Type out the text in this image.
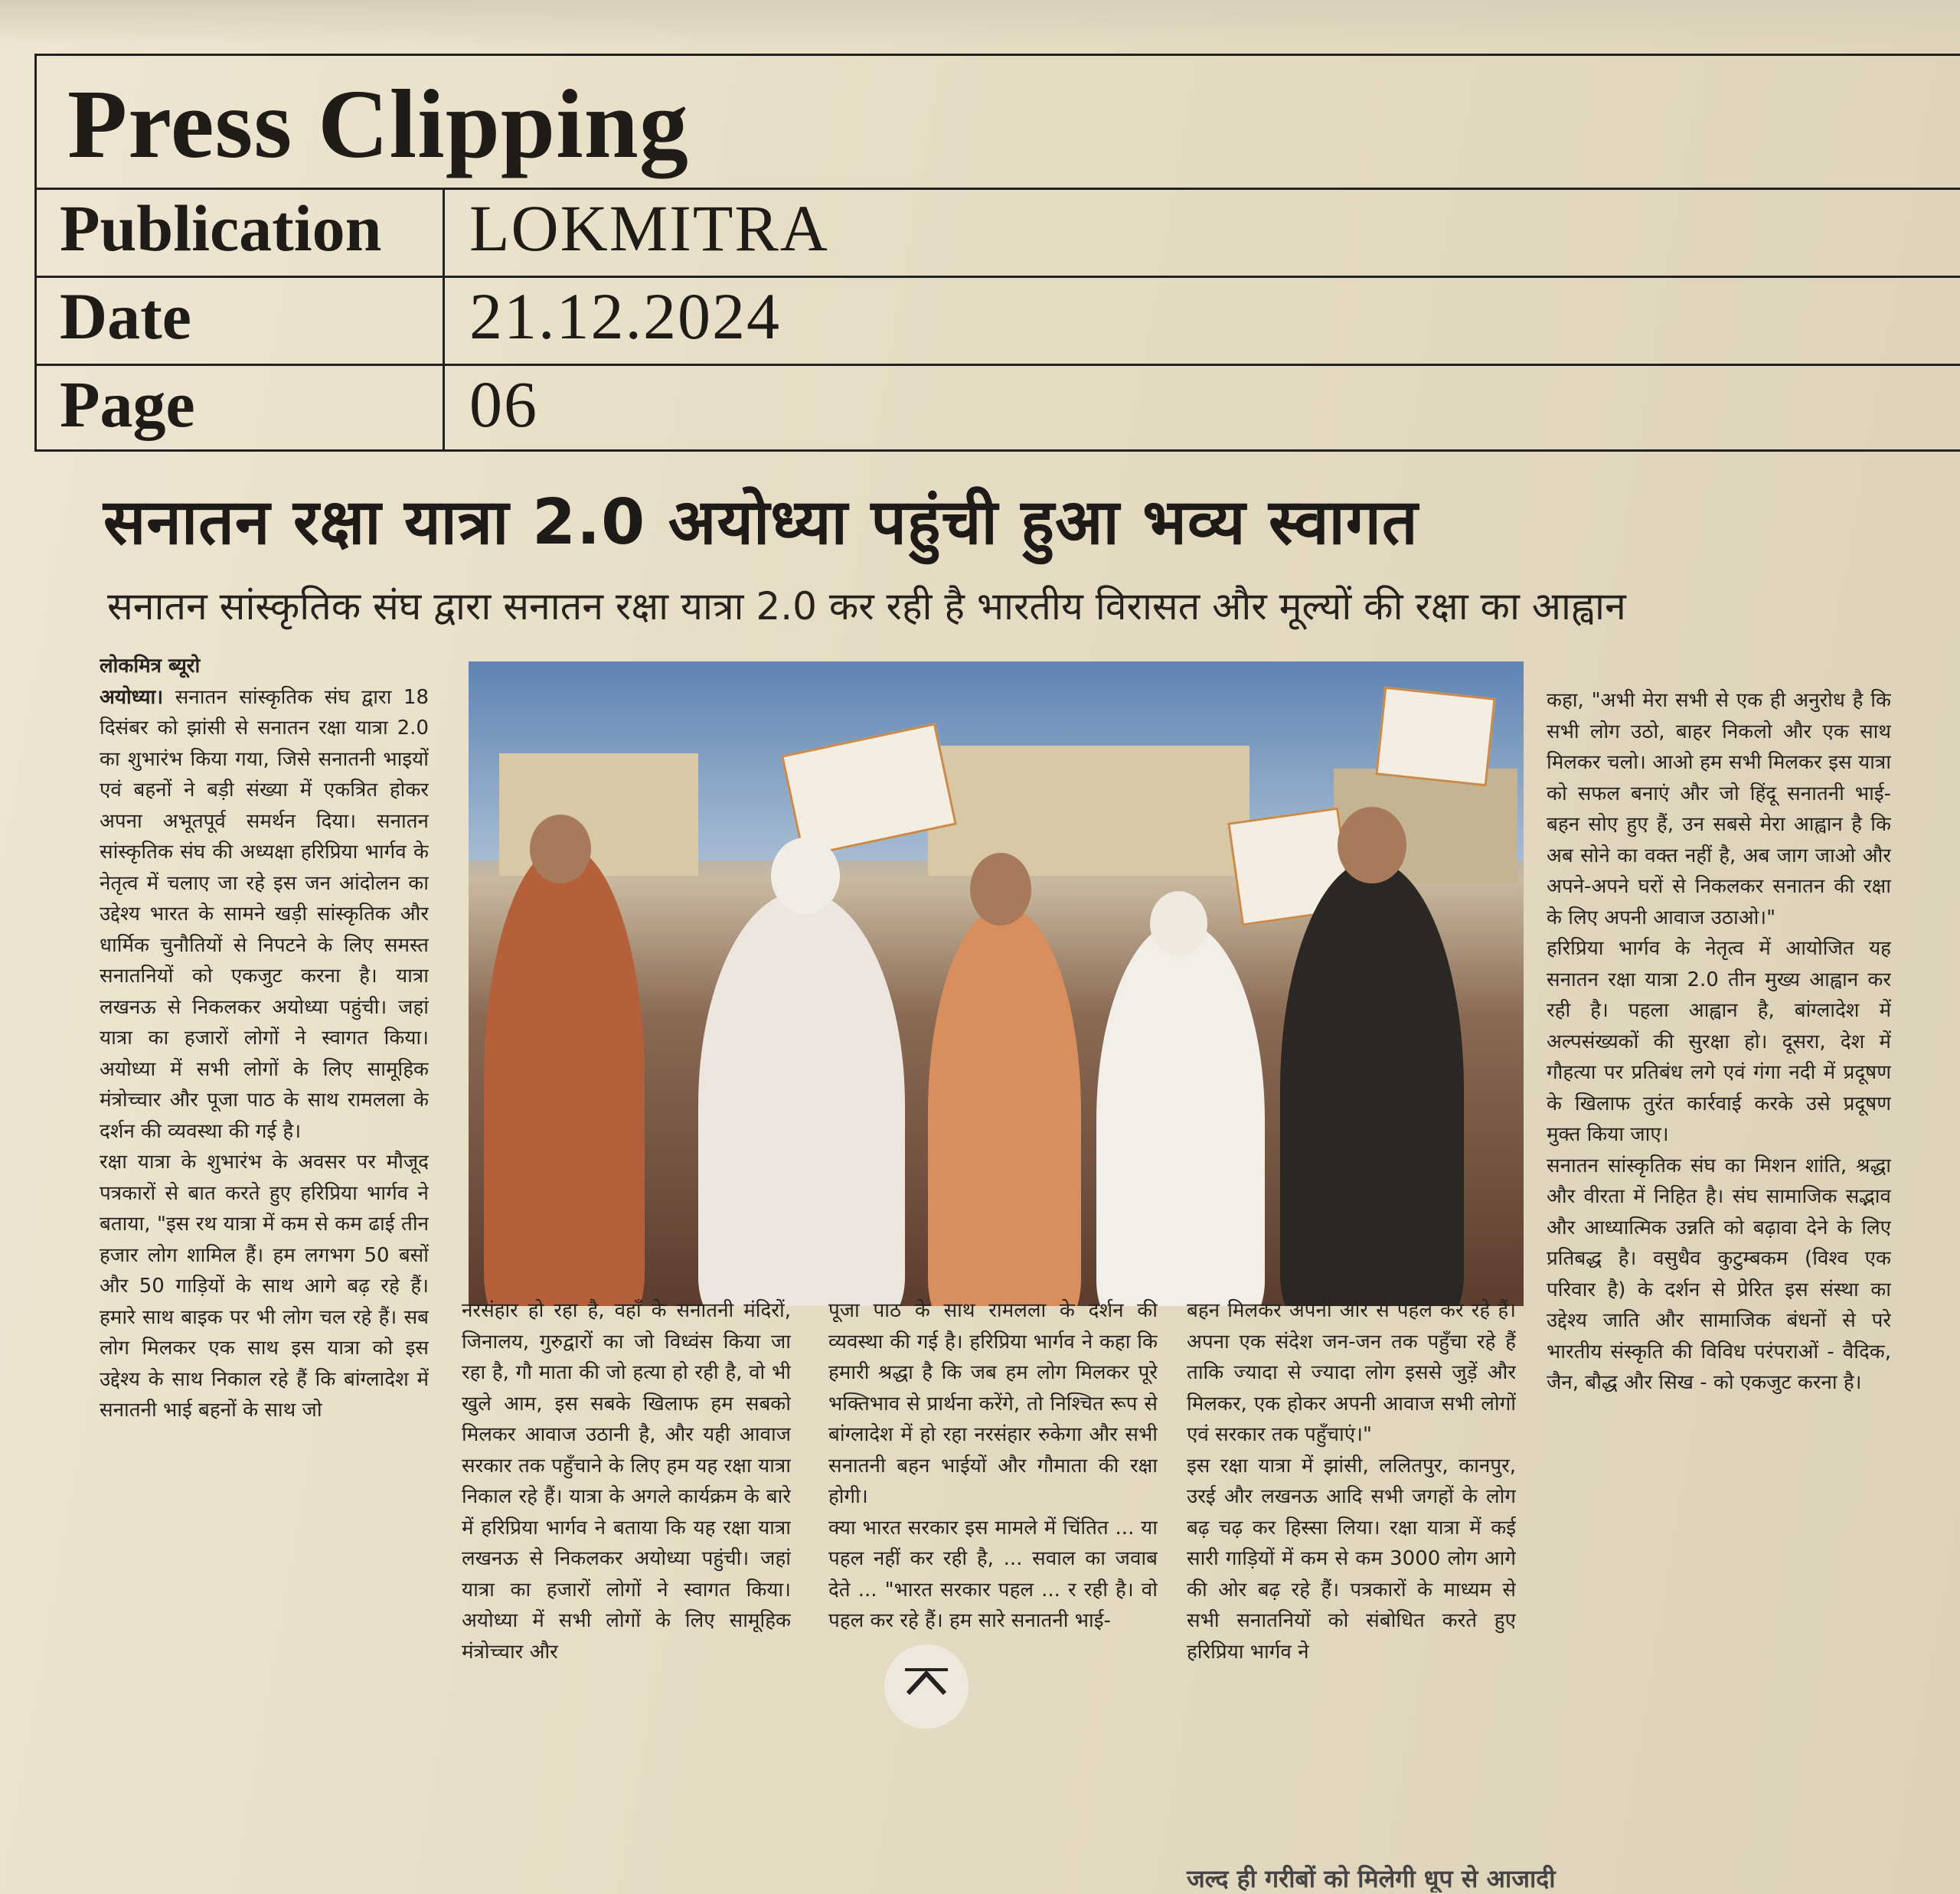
Press Clipping
Publication LOKMITRA
Date	21.12.2024
Page	06
सनातन रक्षा यात्रा 2.0 अयोध्या पहुंची हुआ भव्य स्वागत
सनातन सांस्कृतिक संघ द्वारा सनातन रक्षा यात्रा 2.0 कर रही है भारतीय विरासत और मूल्यों की रक्षा का आह्वान

लोकमित्र ब्यूरो

अयोध्या। सनातन सांस्कृतिक संघ द्वारा 18 दिसंबर को झांसी से सनातन रक्षा यात्रा 2.0 का शुभारंभ किया गया, जिसे सनातनी भाइयों एवं बहनों ने बड़ी संख्या में एकत्रित होकर अपना अभूतपूर्व समर्थन दिया। सनातन सांस्कृतिक संघ की अध्यक्षा हरिप्रिया भार्गव के नेतृत्व में चलाए जा रहे इस जन आंदोलन का उद्देश्य भारत के सामने खड़ी सांस्कृतिक और धार्मिक चुनौतियों से निपटने के लिए समस्त सनातनियों को एकजुट करना है। यात्रा लखनऊ से निकलकर अयोध्या पहुंची। जहां यात्रा का हजारों लोगों ने स्वागत किया। अयोध्या में सभी लोगों के लिए सामूहिक मंत्रोच्चार और पूजा पाठ के साथ रामलला के दर्शन की व्यवस्था की गई है।

रक्षा यात्रा के शुभारंभ के अवसर पर मौजूद पत्रकारों से बात करते हुए हरिप्रिया भार्गव ने बताया, "इस रथ यात्रा में कम से कम ढाई तीन हजार लोग शामिल हैं। हम लगभग 50 बसों और 50 गाड़ियों के साथ आगे बढ़ रहे हैं। हमारे साथ बाइक पर भी लोग चल रहे हैं। सब लोग मिलकर एक साथ इस यात्रा को इस उद्देश्य के साथ निकाल रहे हैं कि बांग्लादेश में सनातनी भाई बहनों के साथ जो

नरसंहार हो रहा है, वहाँ के सनातनी मंदिरों, जिनालय, गुरुद्वारों का जो विध्वंस किया जा रहा है, गौ माता की जो हत्या हो रही है, वो भी खुले आम, इस सबके खिलाफ हम सबको मिलकर आवाज उठानी है, और यही आवाज सरकार तक पहुँचाने के लिए हम यह रक्षा यात्रा निकाल रहे हैं। यात्रा के अगले कार्यक्रम के बारे में हरिप्रिया भार्गव ने बताया कि यह रक्षा यात्रा लखनऊ से निकलकर अयोध्या पहुंची। जहां यात्रा का हजारों लोगों ने स्वागत किया। अयोध्या में सभी लोगों के लिए सामूहिक मंत्रोच्चार और

पूजा पाठ के साथ रामलला के दर्शन की व्यवस्था की गई है। हरिप्रिया भार्गव ने कहा कि हमारी श्रद्धा है कि जब हम लोग मिलकर पूरे भक्तिभाव से प्रार्थना करेंगे, तो निश्चित रूप से बांग्लादेश में हो रहा नरसंहार रुकेगा और सभी सनातनी बहन भाईयों और गौमाता की रक्षा होगी।

क्या भारत सरकार इस मामले में चिंतित ... या पहल नहीं कर रही है, ... सवाल का जवाब देते ... "भारत सरकार पहल ... र रही है। वो पहल कर रहे हैं। हम सारे सनातनी भाई-

बहन मिलकर अपनी ओर से पहल कर रहे हैं। अपना एक संदेश जन-जन तक पहुँचा रहे हैं ताकि ज्यादा से ज्यादा लोग इससे जुड़ें और मिलकर, एक होकर अपनी आवाज सभी लोगों एवं सरकार तक पहुँचाएं।"

इस रक्षा यात्रा में झांसी, ललितपुर, कानपुर, उरई और लखनऊ आदि सभी जगहों के लोग बढ़ चढ़ कर हिस्सा लिया। रक्षा यात्रा में कई सारी गाड़ियों में कम से कम 3000 लोग आगे की ओर बढ़ रहे हैं। पत्रकारों के माध्यम से सभी सनातनियों को संबोधित करते हुए हरिप्रिया भार्गव ने

कहा, "अभी मेरा सभी से एक ही अनुरोध है कि सभी लोग उठो, बाहर निकलो और एक साथ मिलकर चलो। आओ हम सभी मिलकर इस यात्रा को सफल बनाएं और जो हिंदू सनातनी भाई-बहन सोए हुए हैं, उन सबसे मेरा आह्वान है कि अब सोने का वक्त नहीं है, अब जाग जाओ और अपने-अपने घरों से निकलकर सनातन की रक्षा के लिए अपनी आवाज उठाओ।"

हरिप्रिया भार्गव के नेतृत्व में आयोजित यह सनातन रक्षा यात्रा 2.0 तीन मुख्य आह्वान कर रही है। पहला आह्वान है, बांग्लादेश में अल्पसंख्यकों की सुरक्षा हो। दूसरा, देश में गौहत्या पर प्रतिबंध लगे एवं गंगा नदी में प्रदूषण के खिलाफ तुरंत कार्रवाई करके उसे प्रदूषण मुक्त किया जाए।

सनातन सांस्कृतिक संघ का मिशन शांति, श्रद्धा और वीरता में निहित है। संघ सामाजिक सद्भाव और आध्यात्मिक उन्नति को बढ़ावा देने के लिए प्रतिबद्ध है। वसुधैव कुटुम्बकम (विश्व एक परिवार है) के दर्शन से प्रेरित इस संस्था का उद्देश्य जाति और सामाजिक बंधनों से परे भारतीय संस्कृति की विविध परंपराओं - वैदिक, जैन, बौद्ध और सिख - को एकजुट करना है।

जल्द ही गरीबों को मिलेगी धूप से आजादी
